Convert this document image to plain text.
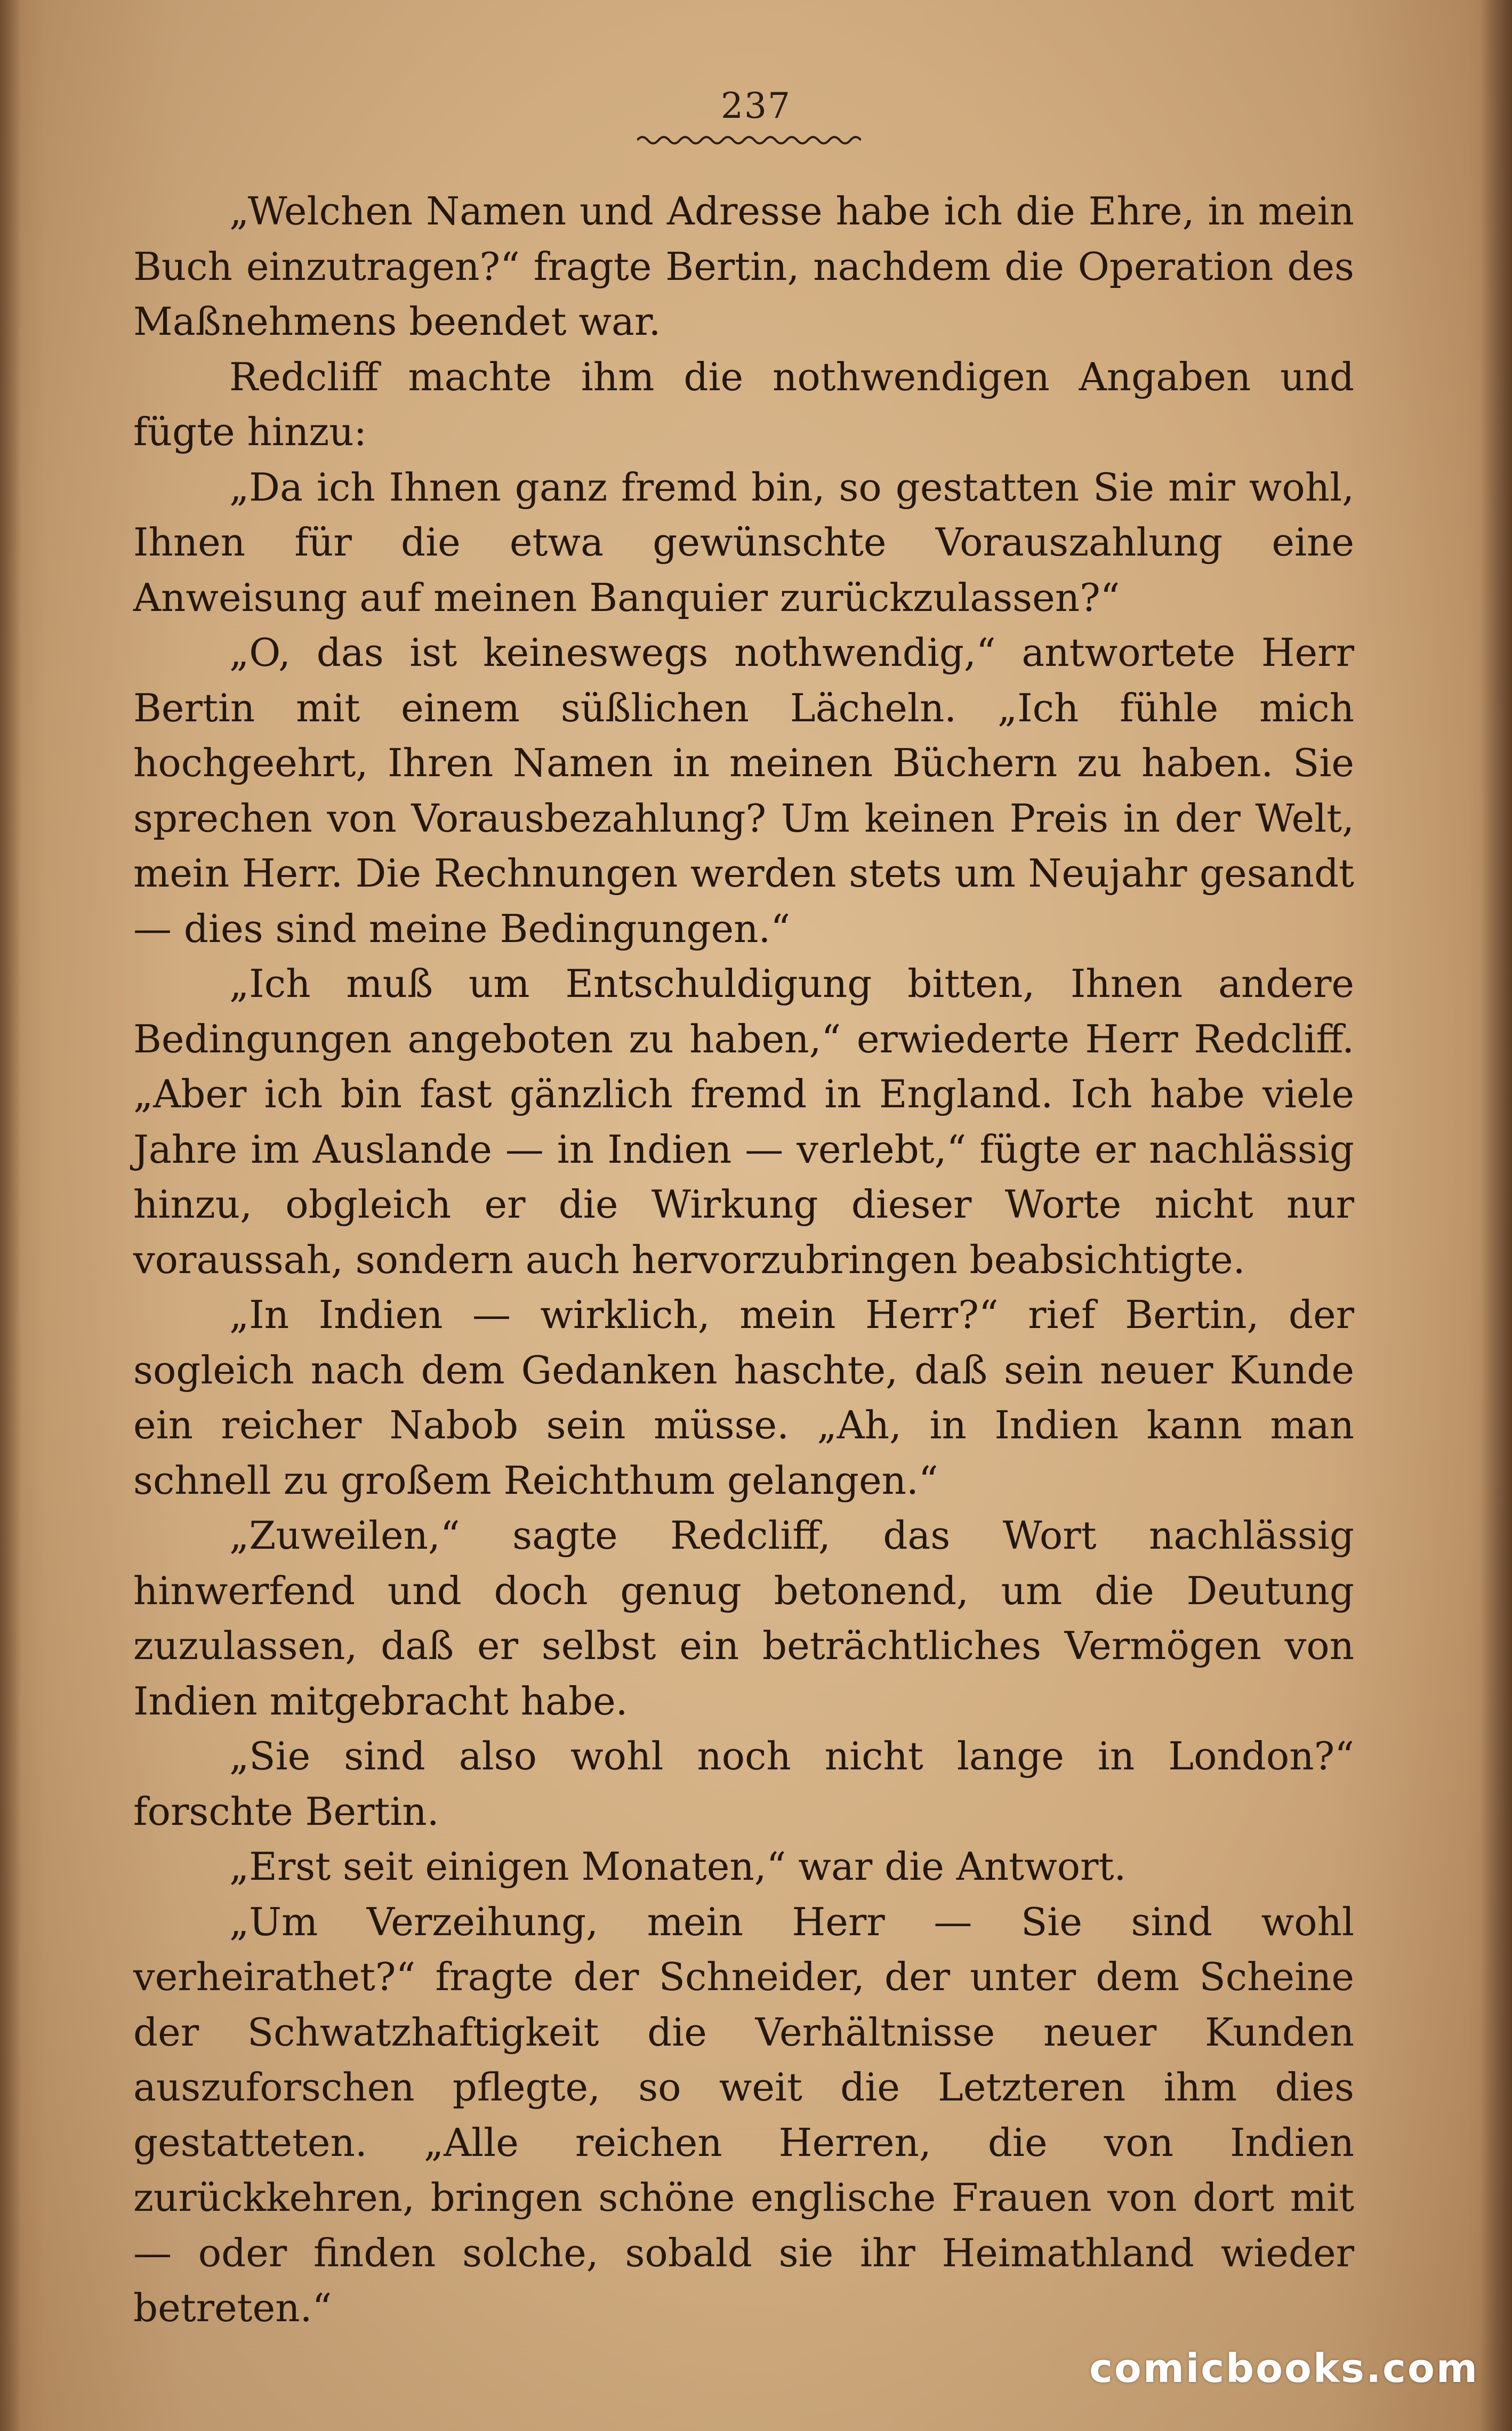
237

„Welchen Namen und Adresse habe ich die Ehre, in mein Buch einzutragen?“ fragte Bertin, nachdem die Operation des Maßnehmens beendet war.

Redcliff machte ihm die nothwendigen Angaben und fügte hinzu:

„Da ich Ihnen ganz fremd bin, so gestatten Sie mir wohl, Ihnen für die etwa gewünschte Vorauszahlung eine Anweisung auf meinen Banquier zurückzulassen?“

„O, das ist keineswegs nothwendig,“ antwortete Herr Bertin mit einem süßlichen Lächeln. „Ich fühle mich hochgeehrt, Ihren Namen in meinen Büchern zu haben. Sie sprechen von Vorausbezahlung? Um keinen Preis in der Welt, mein Herr. Die Rechnungen werden stets um Neujahr gesandt — dies sind meine Bedingungen.“

„Ich muß um Entschuldigung bitten, Ihnen andere Bedingungen angeboten zu haben,“ erwiederte Herr Redcliff. „Aber ich bin fast gänzlich fremd in England. Ich habe viele Jahre im Auslande — in Indien — verlebt,“ fügte er nachlässig hinzu, obgleich er die Wirkung dieser Worte nicht nur voraussah, sondern auch hervorzubringen beabsichtigte.

„In Indien — wirklich, mein Herr?“ rief Bertin, der sogleich nach dem Gedanken haschte, daß sein neuer Kunde ein reicher Nabob sein müsse. „Ah, in Indien kann man schnell zu großem Reichthum gelangen.“

„Zuweilen,“ sagte Redcliff, das Wort nachlässig hinwerfend und doch genug betonend, um die Deutung zuzulassen, daß er selbst ein beträchtliches Vermögen von Indien mitgebracht habe.

„Sie sind also wohl noch nicht lange in London?“ forschte Bertin.

„Erst seit einigen Monaten,“ war die Antwort.

„Um Verzeihung, mein Herr — Sie sind wohl verheirathet?“ fragte der Schneider, der unter dem Scheine der Schwatzhaftigkeit die Verhältnisse neuer Kunden auszuforschen pflegte, so weit die Letzteren ihm dies gestatteten. „Alle reichen Herren, die von Indien zurückkehren, bringen schöne englische Frauen von dort mit — oder finden solche, sobald sie ihr Heimathland wieder betreten.“

comicbooks.com
